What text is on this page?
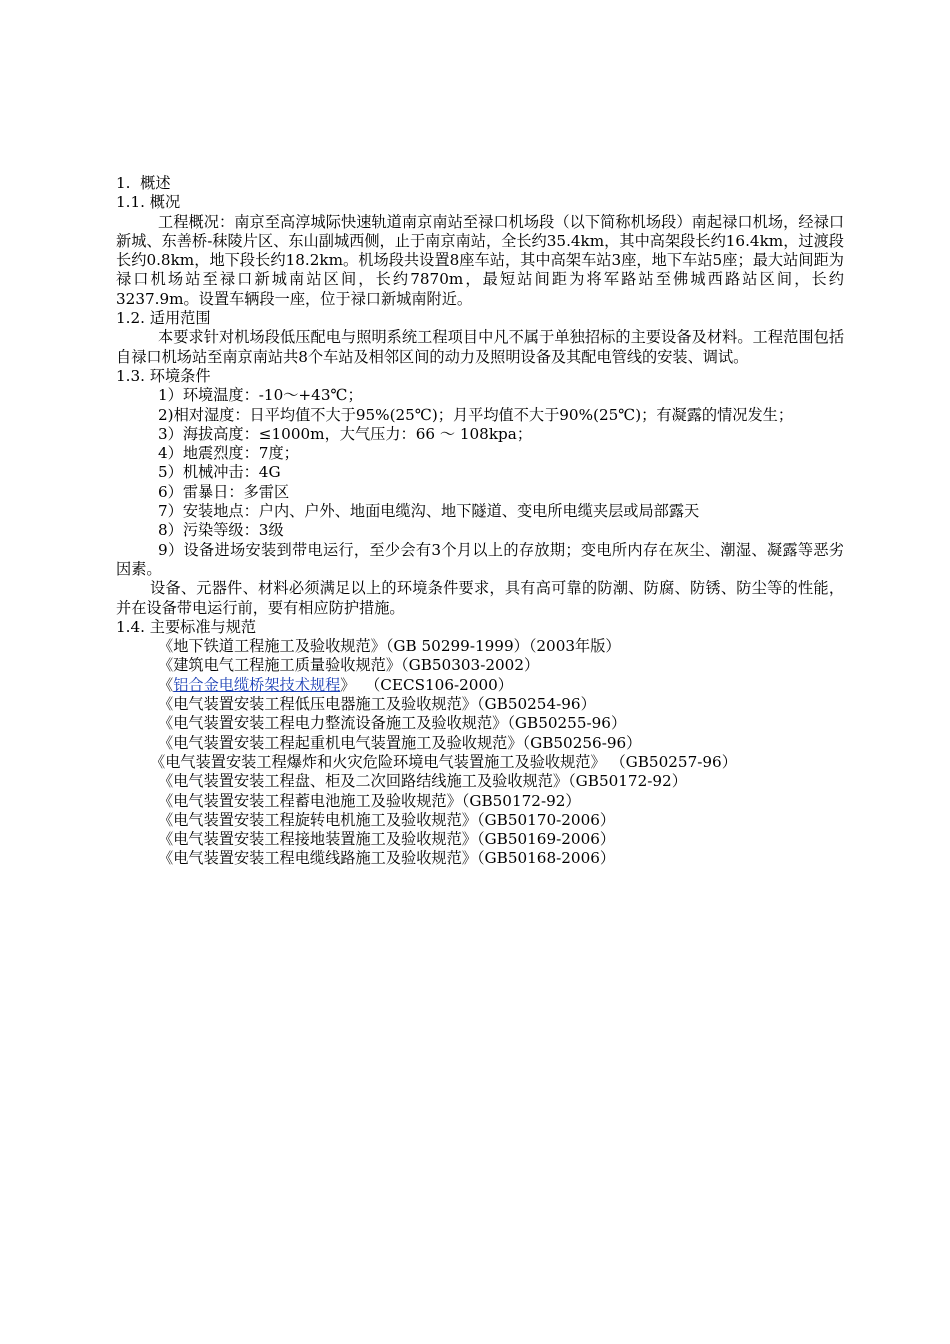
1.  概述
1.1. 概况
工程概况：南京至高淳城际快速轨道南京南站至禄口机场段（以下简称机场段）南起禄口机场，经禄口新城、东善桥-秣陵片区、东山副城西侧，止于南京南站，全长约35.4km，其中高架段长约16.4km，过渡段长约0.8km，地下段长约18.2km。机场段共设置8座车站，其中高架车站3座，地下车站5座；最大站间距为禄口机场站至禄口新城南站区间，长约7870m，最短站间距为将军路站至佛城西路站区间，长约3237.9m。设置车辆段一座，位于禄口新城南附近。
1.2. 适用范围
本要求针对机场段低压配电与照明系统工程项目中凡不属于单独招标的主要设备及材料。工程范围包括自禄口机场站至南京南站共8个车站及相邻区间的动力及照明设备及其配电管线的安装、调试。
1.3. 环境条件
1）环境温度：-10～+43℃；
2)相对湿度：日平均值不大于95%(25℃)；月平均值不大于90%(25℃)；有凝露的情况发生；
3）海拔高度：≤1000m，大气压力：66 ～ 108kpa；
4）地震烈度：7度；
5）机械冲击：4G
6）雷暴日：多雷区
7）安装地点：户内、户外、地面电缆沟、地下隧道、变电所电缆夹层或局部露天
8）污染等级：3级
9）设备进场安装到带电运行，至少会有3个月以上的存放期；变电所内存在灰尘、潮湿、凝露等恶劣因素。
设备、元器件、材料必须满足以上的环境条件要求，具有高可靠的防潮、防腐、防锈、防尘等的性能，并在设备带电运行前，要有相应防护措施。
1.4. 主要标准与规范
《地下铁道工程施工及验收规范》（GB 50299-1999）（2003年版）
《建筑电气工程施工质量验收规范》（GB50303-2002）
《铝合金电缆桥架技术规程》  （CECS106-2000）
《电气装置安装工程低压电器施工及验收规范》（GB50254-96）
《电气装置安装工程电力整流设备施工及验收规范》（GB50255-96）
《电气装置安装工程起重机电气装置施工及验收规范》（GB50256-96）
《电气装置安装工程爆炸和火灾危险环境电气装置施工及验收规范》 （GB50257-96）
《电气装置安装工程盘、柜及二次回路结线施工及验收规范》（GB50172-92）
《电气装置安装工程蓄电池施工及验收规范》（GB50172-92）
《电气装置安装工程旋转电机施工及验收规范》（GB50170-2006）
《电气装置安装工程接地装置施工及验收规范》（GB50169-2006）
《电气装置安装工程电缆线路施工及验收规范》（GB50168-2006）
